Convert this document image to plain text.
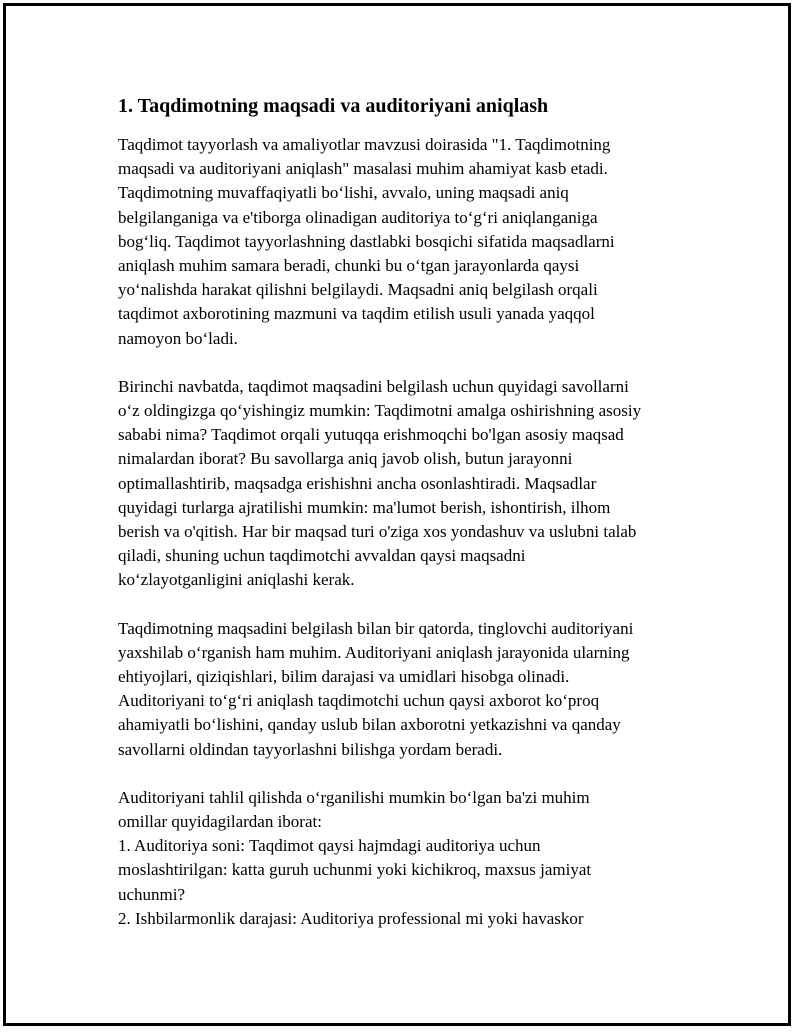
1. Taqdimotning maqsadi va auditoriyani aniqlash

Taqdimot tayyorlash va amaliyotlar mavzusi doirasida "1. Taqdimotning
maqsadi va auditoriyani aniqlash" masalasi muhim ahamiyat kasb etadi.
Taqdimotning muvaffaqiyatli boʻlishi, avvalo, uning maqsadi aniq
belgilanganiga va e'tiborga olinadigan auditoriya toʻgʻri aniqlanganiga
bogʻliq. Taqdimot tayyorlashning dastlabki bosqichi sifatida maqsadlarni
aniqlash muhim samara beradi, chunki bu oʻtgan jarayonlarda qaysi
yoʻnalishda harakat qilishni belgilaydi. Maqsadni aniq belgilash orqali
taqdimot axborotining mazmuni va taqdim etilish usuli yanada yaqqol
namoyon boʻladi.

Birinchi navbatda, taqdimot maqsadini belgilash uchun quyidagi savollarni
oʻz oldingizga qoʻyishingiz mumkin: Taqdimotni amalga oshirishning asosiy
sababi nima? Taqdimot orqali yutuqqa erishmoqchi bo'lgan asosiy maqsad
nimalardan iborat? Bu savollarga aniq javob olish, butun jarayonni
optimallashtirib, maqsadga erishishni ancha osonlashtiradi. Maqsadlar
quyidagi turlarga ajratilishi mumkin: ma'lumot berish, ishontirish, ilhom
berish va o'qitish. Har bir maqsad turi o'ziga xos yondashuv va uslubni talab
qiladi, shuning uchun taqdimotchi avvaldan qaysi maqsadni
koʻzlayotganligini aniqlashi kerak.

Taqdimotning maqsadini belgilash bilan bir qatorda, tinglovchi auditoriyani
yaxshilab oʻrganish ham muhim. Auditoriyani aniqlash jarayonida ularning
ehtiyojlari, qiziqishlari, bilim darajasi va umidlari hisobga olinadi.
Auditoriyani toʻgʻri aniqlash taqdimotchi uchun qaysi axborot koʻproq
ahamiyatli boʻlishini, qanday uslub bilan axborotni yetkazishni va qanday
savollarni oldindan tayyorlashni bilishga yordam beradi.

Auditoriyani tahlil qilishda oʻrganilishi mumkin boʻlgan ba'zi muhim
omillar quyidagilardan iborat:
1. Auditoriya soni: Taqdimot qaysi hajmdagi auditoriya uchun
moslashtirilgan: katta guruh uchunmi yoki kichikroq, maxsus jamiyat
uchunmi?
2. Ishbilarmonlik darajasi: Auditoriya professional mi yoki havaskor
